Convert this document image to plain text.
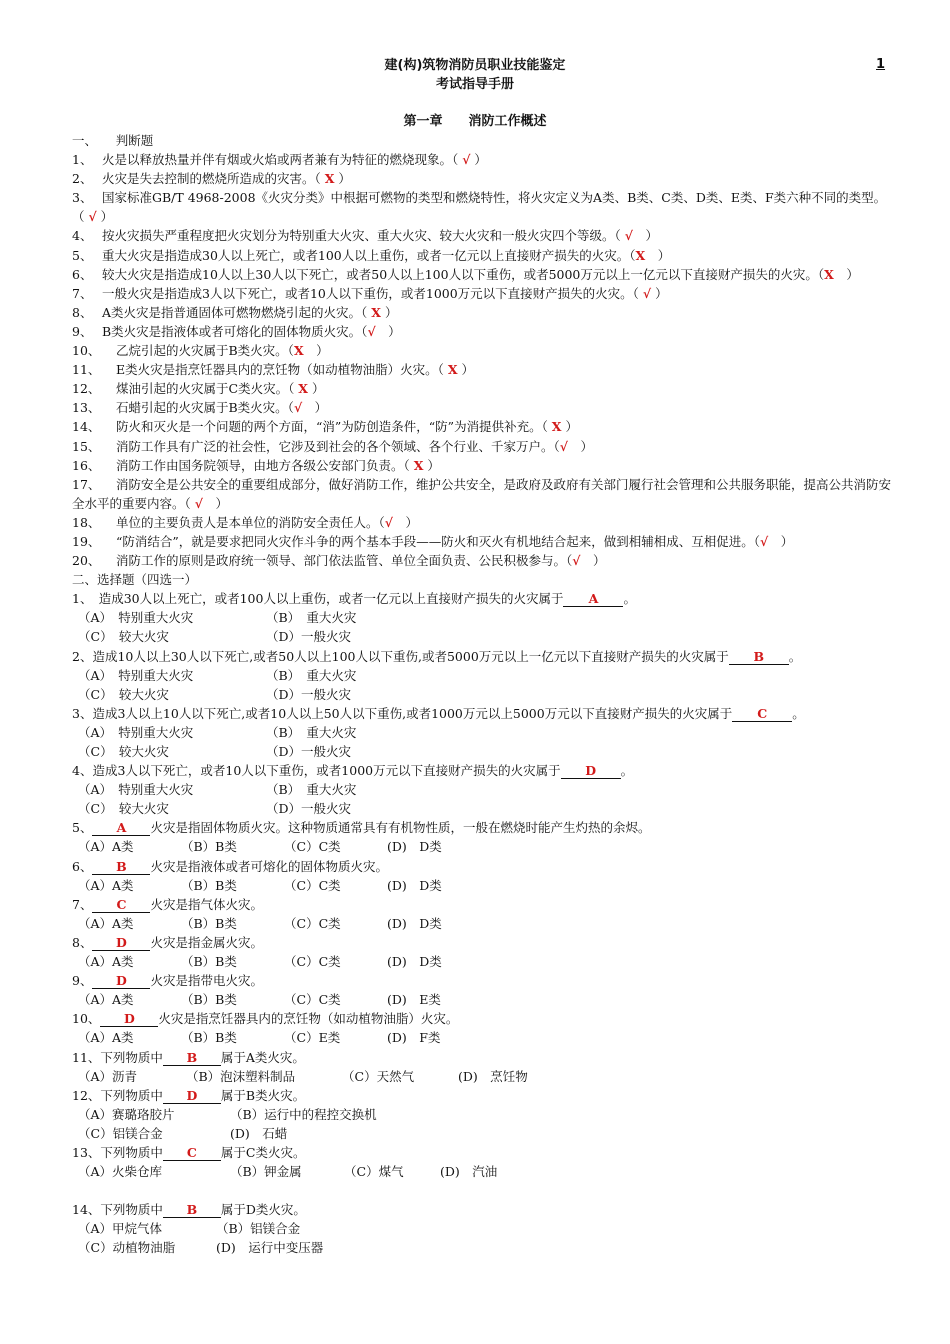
建(构)筑物消防员职业技能鉴定
考试指导手册
1
第一章　　消防工作概述
一、　　判断题
1、 火是以释放热量并伴有烟或火焰或两者兼有为特征的燃烧现象。（ √ ）
2、 火灾是失去控制的燃烧所造成的灾害。（ X ）
3、 国家标准GB/T 4968-2008《火灾分类》中根据可燃物的类型和燃烧特性，将火灾定义为A类、B类、C类、D类、E类、F类六种不同的类型。（ √ ）
4、 按火灾损失严重程度把火灾划分为特别重大火灾、重大火灾、较大火灾和一般火灾四个等级。（ √　）
5、 重大火灾是指造成30人以上死亡，或者100人以上重伤，或者一亿元以上直接财产损失的火灾。（X　）
6、 较大火灾是指造成10人以上30人以下死亡，或者50人以上100人以下重伤，或者5000万元以上一亿元以下直接财产损失的火灾。（X　）
7、 一般火灾是指造成3人以下死亡，或者10人以下重伤，或者1000万元以下直接财产损失的火灾。（ √ ）
8、 A类火灾是指普通固体可燃物燃烧引起的火灾。（ X ）
9、 B类火灾是指液体或者可熔化的固体物质火灾。（√　）
10、 乙烷引起的火灾属于B类火灾。（X　）
11、 E类火灾是指烹饪器具内的烹饪物（如动植物油脂）火灾。（ X ）
12、 煤油引起的火灾属于C类火灾。（ X ）
13、 石蜡引起的火灾属于B类火灾。（√　）
14、 防火和灭火是一个问题的两个方面，“消”为防创造条件，“防”为消提供补充。（ X ）
15、 消防工作具有广泛的社会性，它涉及到社会的各个领域、各个行业、千家万户。（√　）
16、 消防工作由国务院领导，由地方各级公安部门负责。（ X ）
17、 消防安全是公共安全的重要组成部分，做好消防工作，维护公共安全，是政府及政府有关部门履行社会管理和公共服务职能，提高公共消防安全水平的重要内容。（ √　）
18、 单位的主要负责人是本单位的消防安全责任人。（√　）
19、 “防消结合”，就是要求把同火灾作斗争的两个基本手段——防火和灭火有机地结合起来，做到相辅相成、互相促进。（√　）
20、 消防工作的原则是政府统一领导、部门依法监管、单位全面负责、公民积极参与。（√　）
二、选择题（四选一）
1、　造成30人以上死亡，或者100人以上重伤，或者一亿元以上直接财产损失的火灾属于 A 。
（A）　特别重大火灾	（B）　重大火灾
（C）　较大火灾	（D）一般火灾
2、造成10人以上30人以下死亡,或者50人以上100人以下重伤,或者5000万元以上一亿元以下直接财产损失的火灾属于 B 。
（A）　特别重大火灾	（B）　重大火灾
（C）　较大火灾	（D）一般火灾
3、造成3人以上10人以下死亡,或者10人以上50人以下重伤,或者1000万元以上5000万元以下直接财产损失的火灾属于 C 。
（A）　特别重大火灾	（B）　重大火灾
（C）　较大火灾	（D）一般火灾
4、造成3人以下死亡，或者10人以下重伤，或者1000万元以下直接财产损失的火灾属于 D 。
（A）　特别重大火灾	（B）　重大火灾
（C）　较大火灾	（D）一般火灾
5、 A 火灾是指固体物质火灾。这种物质通常具有有机物性质，一般在燃烧时能产生灼热的余烬。
（A）A类	（B）B类	（C）C类	(D)　D类
6、 B 火灾是指液体或者可熔化的固体物质火灾。
（A）A类	（B）B类	（C）C类	(D)　D类
7、 C 火灾是指气体火灾。
（A）A类	（B）B类	（C）C类	(D)　D类
8、 D 火灾是指金属火灾。
（A）A类	（B）B类	（C）C类	(D)　D类
9、 D 火灾是指带电火灾。
（A）A类	（B）B类	（C）C类	(D)　E类
10、 D 火灾是指烹饪器具内的烹饪物（如动植物油脂）火灾。
（A）A类	（B）B类	（C）E类	(D)　F类
11、下列物质中 B 属于A类火灾。
（A）沥青	（B）泡沫塑料制品	（C）天然气	(D)　烹饪物
12、下列物质中 D 属于B类火灾。
（A）赛璐珞胶片	（B）运行中的程控交换机
（C）铝镁合金	(D)　石蜡
13、下列物质中 C 属于C类火灾。
（A）火柴仓库	（B）钾金属	（C）煤气	(D)　汽油
14、下列物质中 B 属于D类火灾。
（A）甲烷气体	（B）铝镁合金
（C）动植物油脂	(D)　运行中变压器
